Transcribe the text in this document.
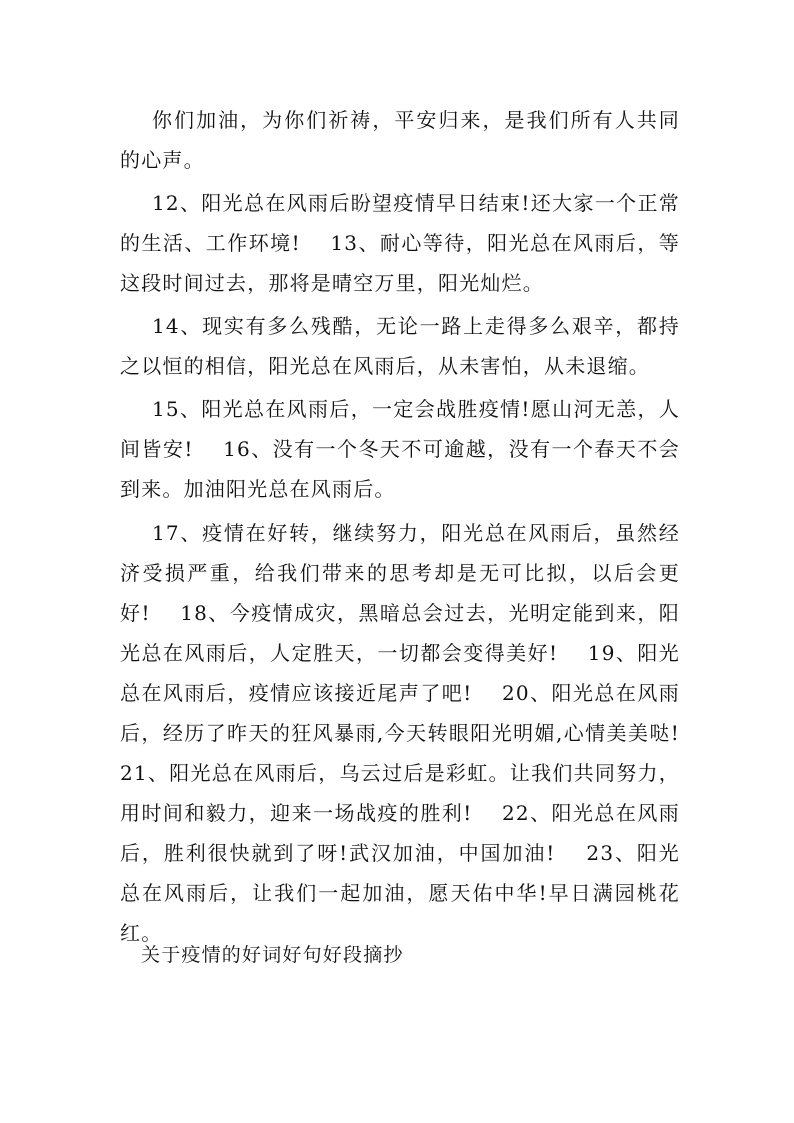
你们加油，为你们祈祷，平安归来，是我们所有人共同的心声。

12、阳光总在风雨后盼望疫情早日结束!还大家一个正常的生活、工作环境!　 13、耐心等待，阳光总在风雨后，等这段时间过去，那将是晴空万里，阳光灿烂。

14、现实有多么残酷，无论一路上走得多么艰辛，都持之以恒的相信，阳光总在风雨后，从未害怕，从未退缩。

15、阳光总在风雨后，一定会战胜疫情!愿山河无恙，人间皆安!　 16、没有一个冬天不可逾越，没有一个春天不会到来。加油阳光总在风雨后。

17、疫情在好转，继续努力，阳光总在风雨后，虽然经济受损严重，给我们带来的思考却是无可比拟，以后会更好!　 18、今疫情成灾，黑暗总会过去，光明定能到来，阳光总在风雨后，人定胜天，一切都会变得美好!　 19、阳光总在风雨后，疫情应该接近尾声了吧!　 20、阳光总在风雨后，经历了昨天的狂风暴雨,今天转眼阳光明媚,心情美美哒!　 21、阳光总在风雨后，乌云过后是彩虹。让我们共同努力，用时间和毅力，迎来一场战疫的胜利!　 22、阳光总在风雨后，胜利很快就到了呀!武汉加油，中国加油!　 23、阳光总在风雨后，让我们一起加油，愿天佑中华!早日满园桃花红。

关于疫情的好词好句好段摘抄
